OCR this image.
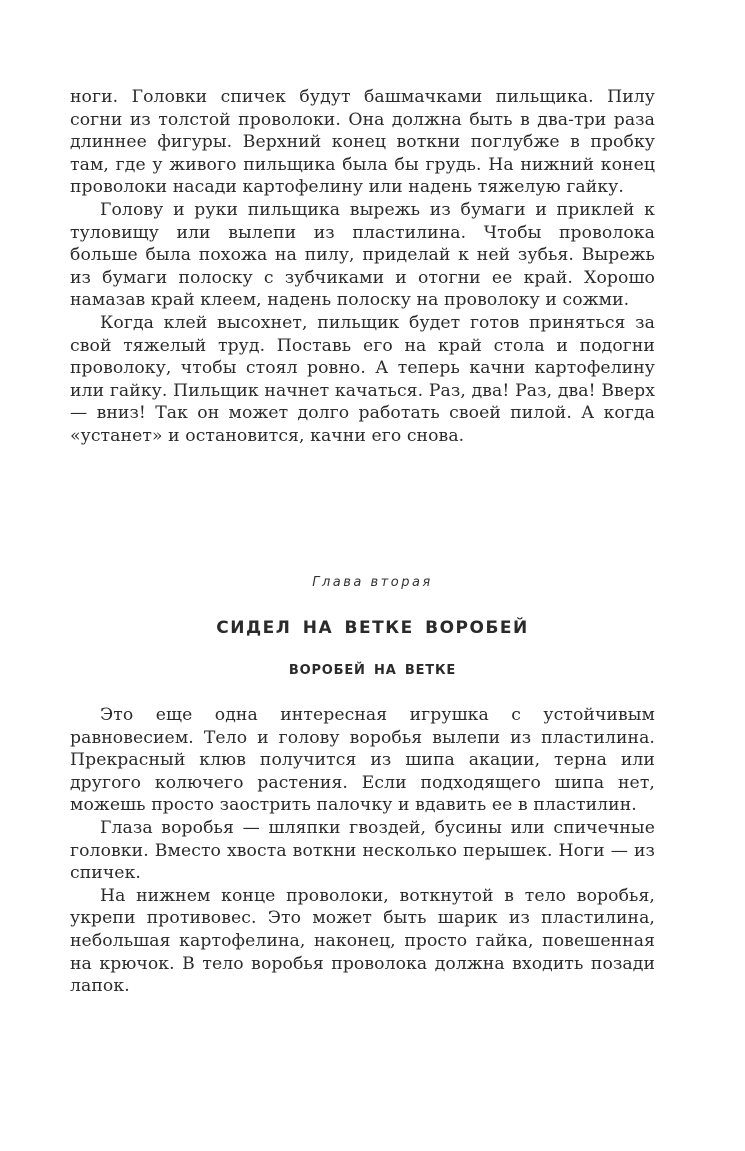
ноги. Головки спичек будут башмачками пильщика. Пилу согни из толстой проволоки. Она должна быть в два-три раза длиннее фигуры. Верхний конец воткни поглубже в пробку там, где у живого пильщика была бы грудь. На нижний конец проволоки насади картофелину или надень тяжелую гайку.

Голову и руки пильщика вырежь из бумаги и приклей к туловищу или вылепи из пластилина. Чтобы проволока больше была похожа на пилу, приделай к ней зубья. Вырежь из бумаги полоску с зубчиками и отогни ее край. Хорошо намазав край клеем, надень полоску на проволоку и сожми.

Когда клей высохнет, пильщик будет готов приняться за свой тяжелый труд. Поставь его на край стола и подогни проволоку, чтобы стоял ровно. А теперь качни картофелину или гайку. Пильщик начнет качаться. Раз, два! Раз, два! Вверх — вниз! Так он может долго работать своей пилой. А когда «устанет» и остановится, качни его снова.

Глава вторая

СИДЕЛ НА ВЕТКЕ ВОРОБЕЙ
ВОРОБЕЙ НА ВЕТКЕ

Это еще одна интересная игрушка с устойчивым равновесием. Тело и голову воробья вылепи из пластилина. Прекрасный клюв получится из шипа акации, терна или другого колючего растения. Если подходящего шипа нет, можешь просто заострить палочку и вдавить ее в пластилин.

Глаза воробья — шляпки гвоздей, бусины или спичечные головки. Вместо хвоста воткни несколько перышек. Ноги — из спичек.

На нижнем конце проволоки, воткнутой в тело воробья, укрепи противовес. Это может быть шарик из пластилина, небольшая картофелина, наконец, просто гайка, повешенная на крючок. В тело воробья проволока должна входить позади лапок.
